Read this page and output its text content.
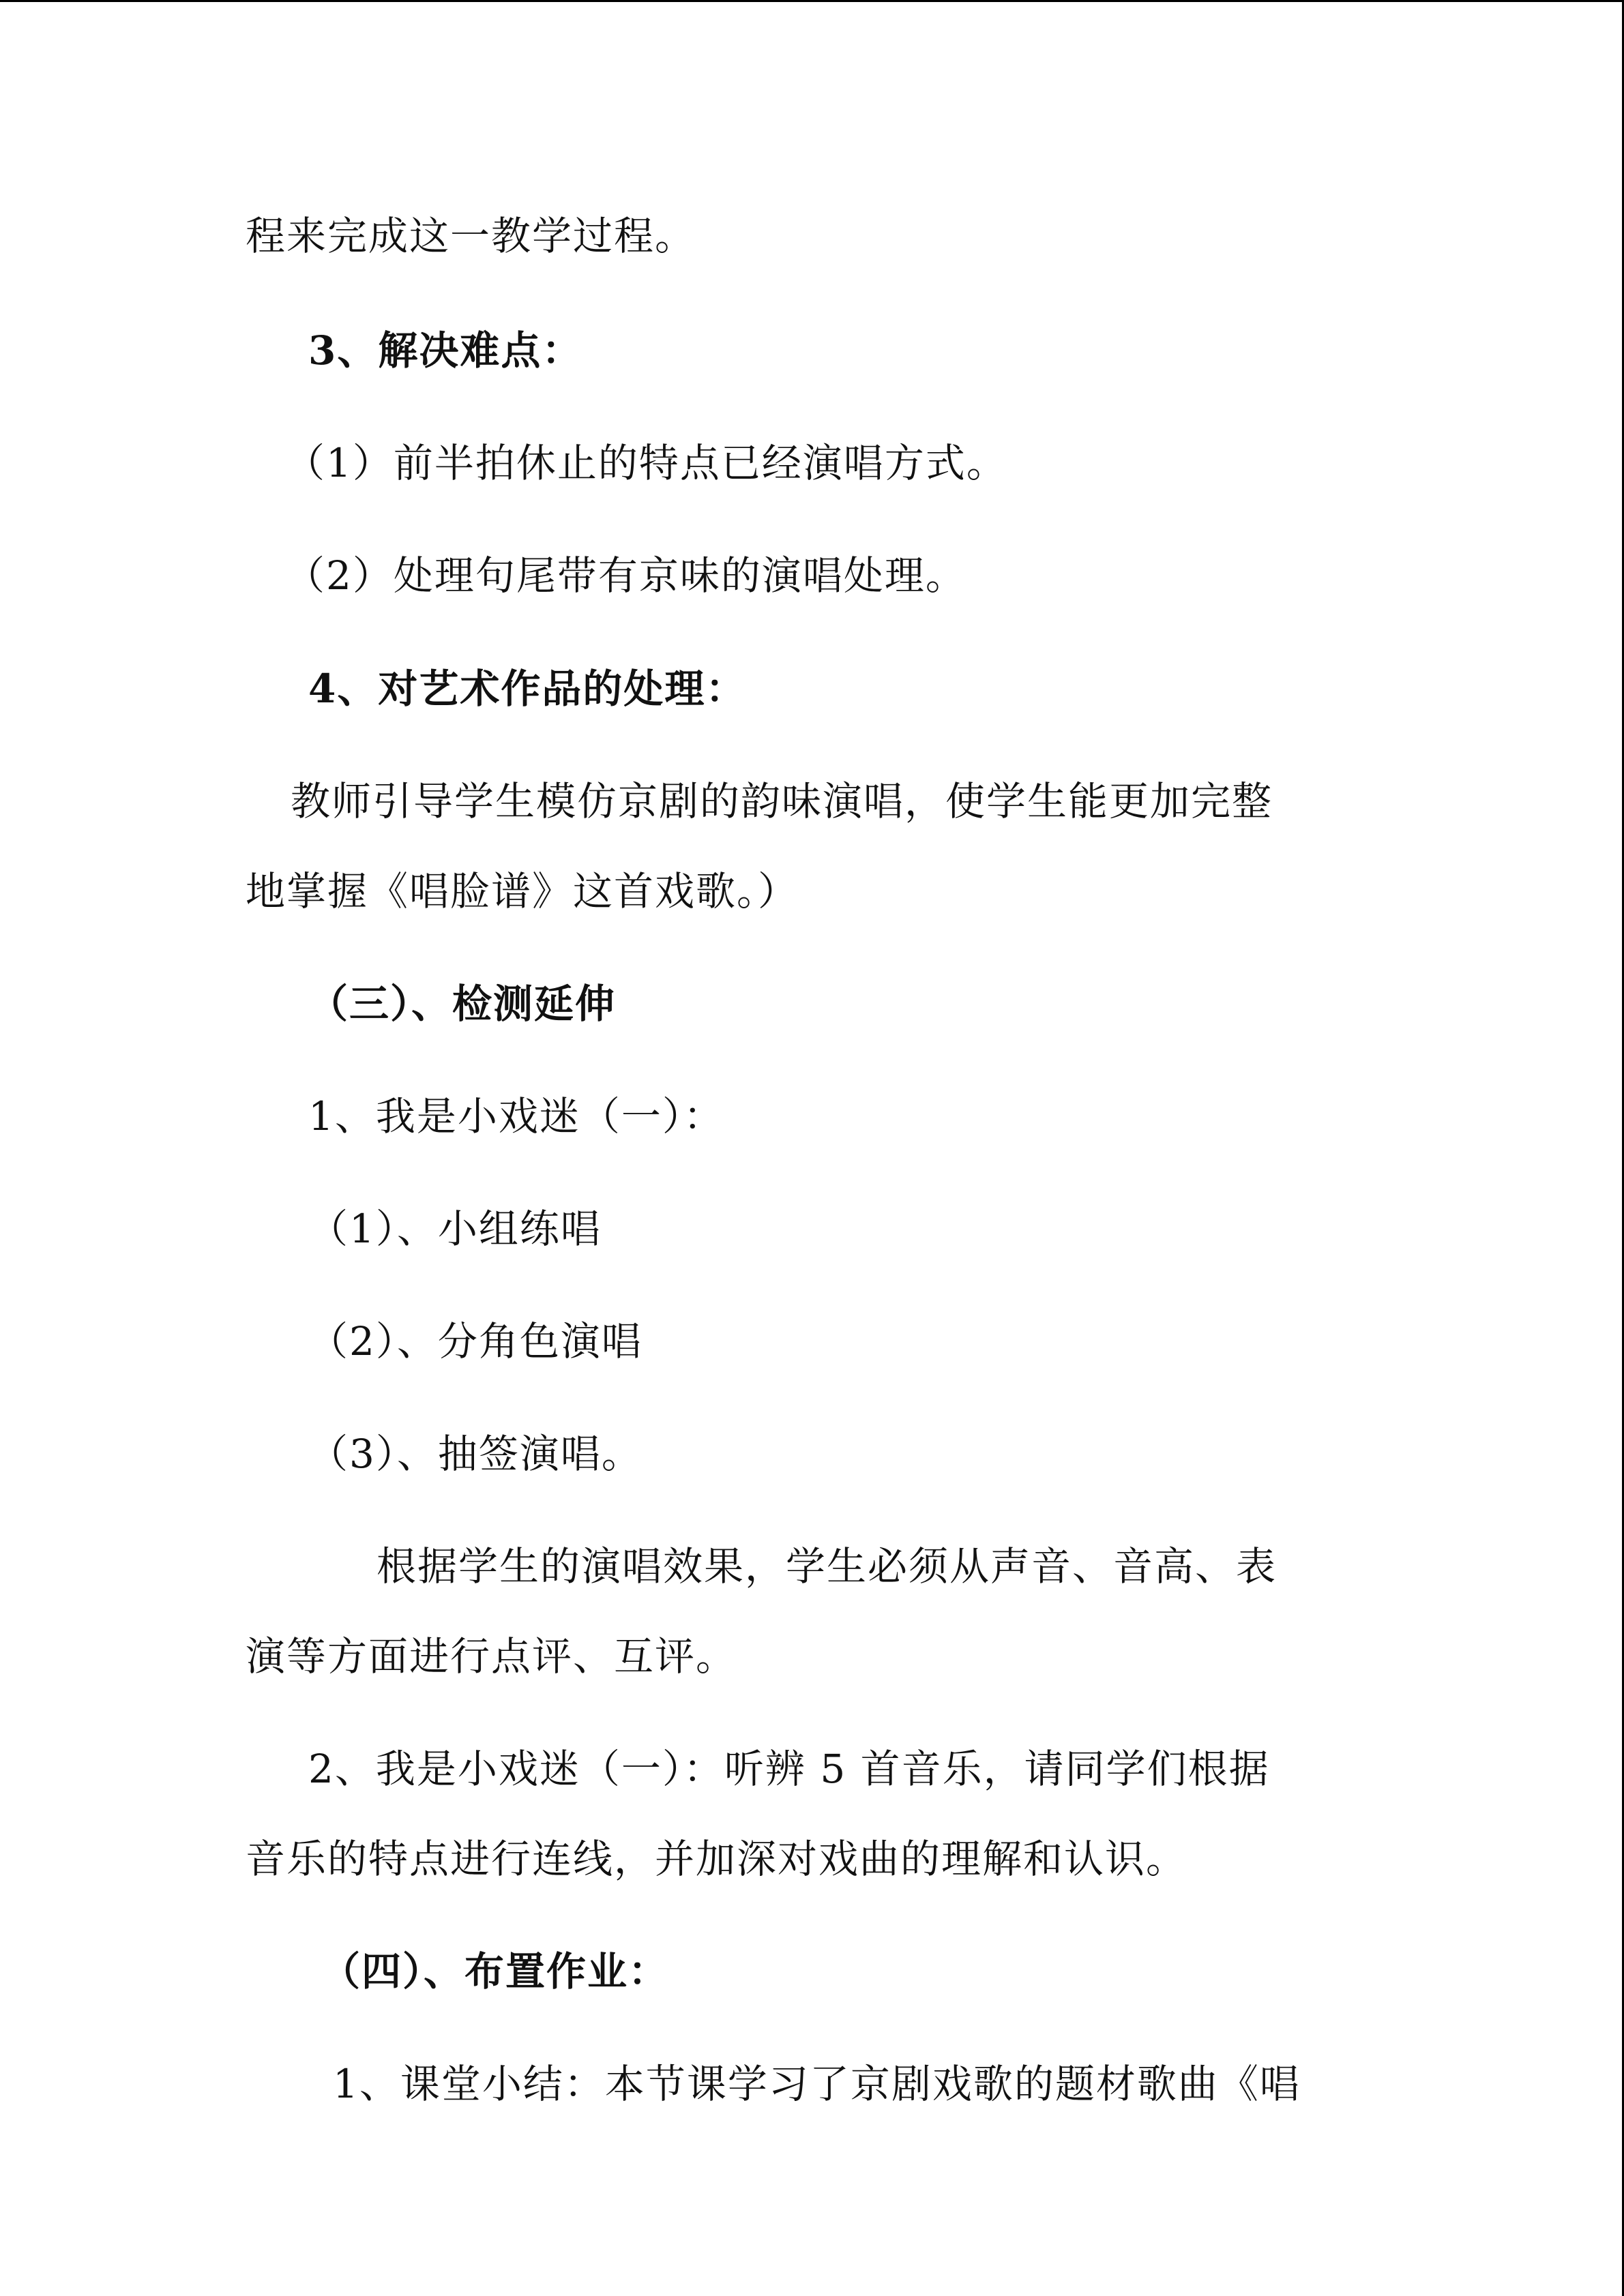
程来完成这一教学过程。
3、解决难点：
（1）前半拍休止的特点已经演唱方式。
（2）处理句尾带有京味的演唱处理。
4、对艺术作品的处理：
教师引导学生模仿京剧的韵味演唱，使学生能更加完整
地掌握《唱脸谱》这首戏歌。）
（三）、检测延伸
1、我是小戏迷（一）：
（1）、小组练唱
（2）、分角色演唱
（3）、抽签演唱。
根据学生的演唱效果，学生必须从声音、音高、表
演等方面进行点评、互评。
2、我是小戏迷（一）：听辨 5 首音乐，请同学们根据
音乐的特点进行连线，并加深对戏曲的理解和认识。
（四）、布置作业：
1、课堂小结：本节课学习了京剧戏歌的题材歌曲《唱
